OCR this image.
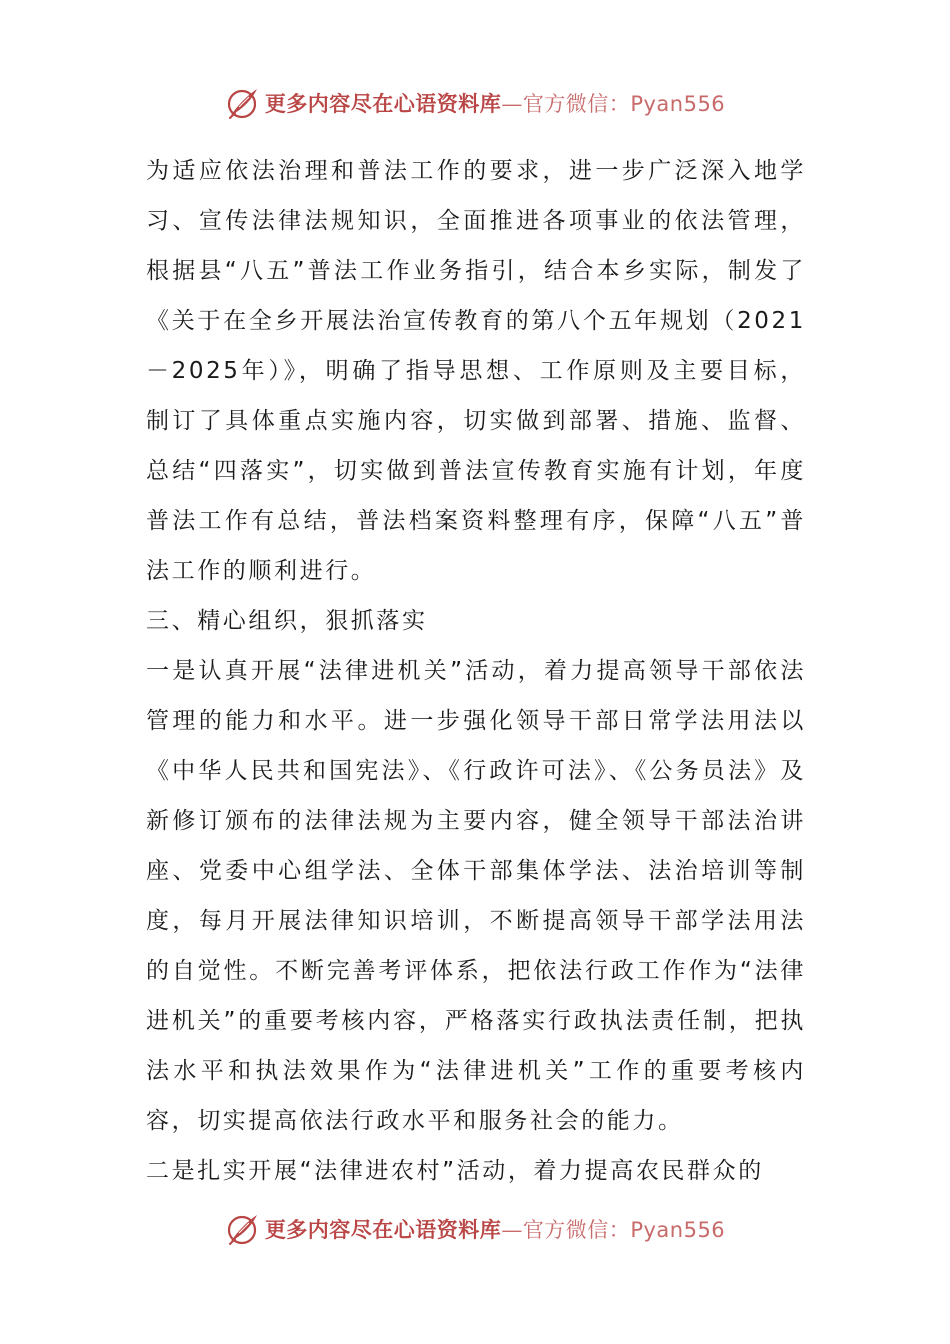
更多内容尽在心语资料库—官方微信：Pyan556

为适应依法治理和普法工作的要求，进一步广泛深入地学习、宣传法律法规知识，全面推进各项事业的依法管理，根据县“八五”普法工作业务指引，结合本乡实际，制发了《关于在全乡开展法治宣传教育的第八个五年规划（2021－2025年）》，明确了指导思想、工作原则及主要目标，制订了具体重点实施内容，切实做到部署、措施、监督、总结“四落实”，切实做到普法宣传教育实施有计划，年度普法工作有总结，普法档案资料整理有序，保障“八五”普法工作的顺利进行。

三、精心组织，狠抓落实

一是认真开展“法律进机关”活动，着力提高领导干部依法管理的能力和水平。进一步强化领导干部日常学法用法以《中华人民共和国宪法》、《行政许可法》、《公务员法》及新修订颁布的法律法规为主要内容，健全领导干部法治讲座、党委中心组学法、全体干部集体学法、法治培训等制度，每月开展法律知识培训，不断提高领导干部学法用法的自觉性。不断完善考评体系，把依法行政工作作为“法律进机关”的重要考核内容，严格落实行政执法责任制，把执法水平和执法效果作为“法律进机关”工作的重要考核内容，切实提高依法行政水平和服务社会的能力。

二是扎实开展“法律进农村”活动，着力提高农民群众的

更多内容尽在心语资料库—官方微信：Pyan556
